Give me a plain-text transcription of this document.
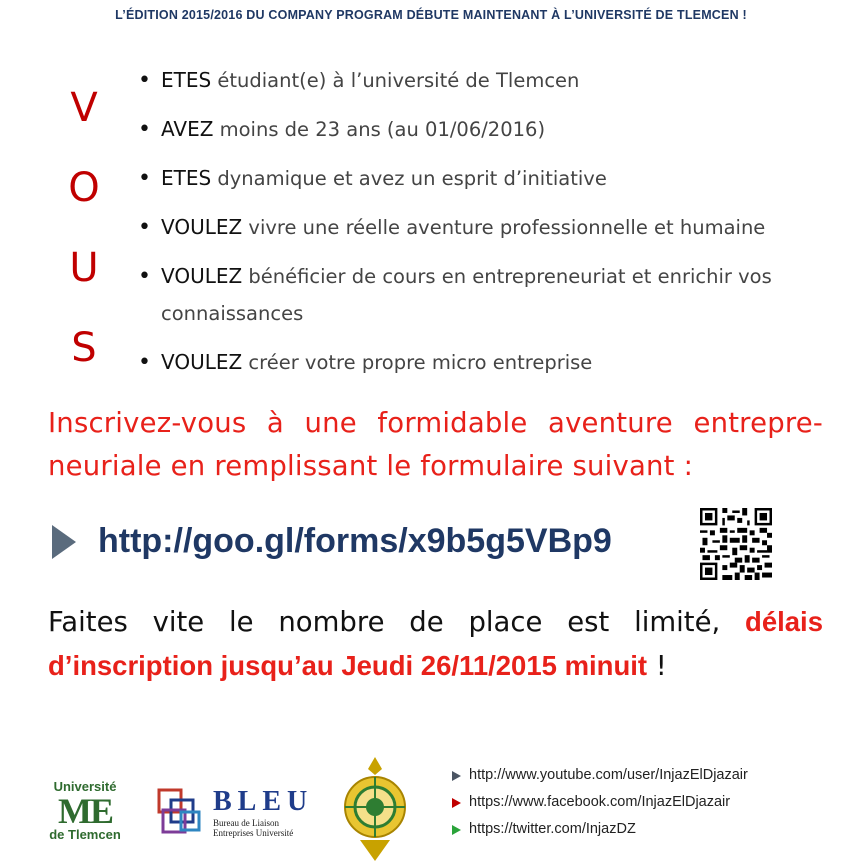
L’ÉDITION 2015/2016 DU COMPANY PROGRAM DÉBUTE MAINTENANT À L’UNIVERSITÉ DE TLEMCEN !
V
O
U
S
• ETES étudiant(e) à l’université de Tlemcen
• AVEZ moins de 23 ans (au 01/06/2016)
• ETES dynamique et avez un esprit d’initiative
• VOULEZ vivre une réelle aventure professionnelle et humaine
• VOULEZ bénéficier de cours en entrepreneuriat et enrichir vos connaissances
• VOULEZ créer votre propre micro entreprise
Inscrivez-vous à une formidable aventure entrepre-neuriale en remplissant le formulaire suivant :
http://goo.gl/forms/x9b5g5VBp9
Faites vite le nombre de place est limité, délais d’inscription jusqu’au Jeudi 26/11/2015 minuit !
Université
ME
de Tlemcen
BLEU
Bureau de Liaison
Entreprises Université
http://www.youtube.com/user/InjazElDjazair
https://www.facebook.com/InjazElDjazair
https://twitter.com/InjazDZ
